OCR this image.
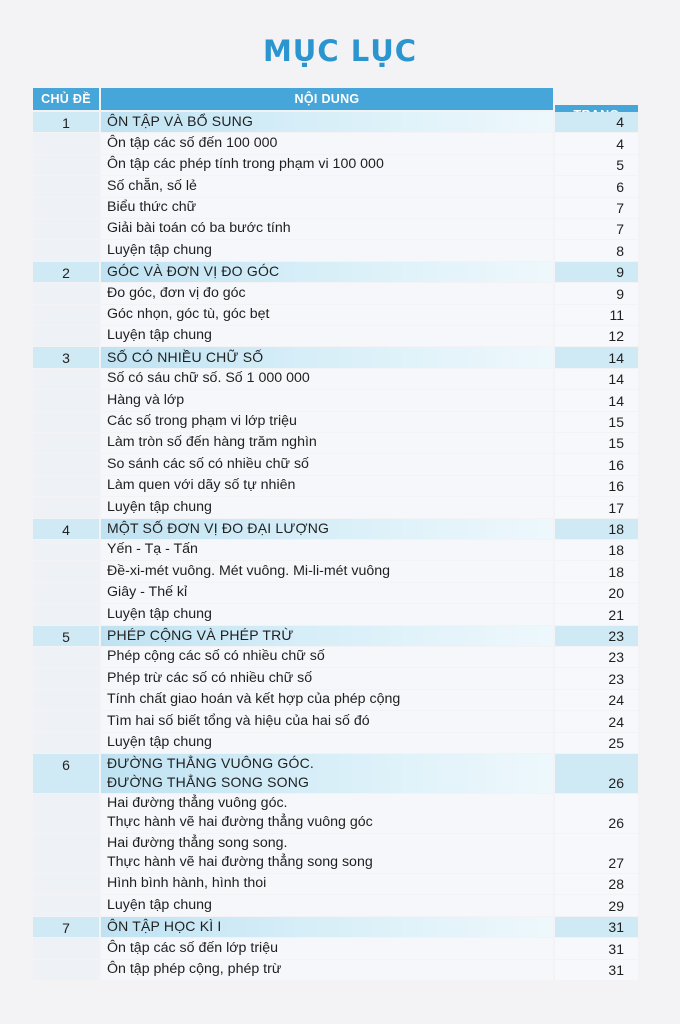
MỤC LỤC
CHỦ ĐỀ	NỘI DUNG
1	ÔN TẬP VÀ BỔ SUNG	4
Ôn tập các số đến 100 000	4
Ôn tập các phép tính trong phạm vi 100 000	5
Số chẵn, số lẻ	6
Biểu thức chữ	7
Giải bài toán có ba bước tính	7
Luyện tập chung	8
2	GÓC VÀ ĐƠN VỊ ĐO GÓC	9
Đo góc, đơn vị đo góc	9
Góc nhọn, góc tù, góc bẹt	11
Luyện tập chung	12
3	SỐ CÓ NHIỀU CHỮ SỐ	14
Số có sáu chữ số. Số 1 000 000	14
Hàng và lớp	14
Các số trong phạm vi lớp triệu	15
Làm tròn số đến hàng trăm nghìn	15
So sánh các số có nhiều chữ số	16
Làm quen với dãy số tự nhiên	16
Luyện tập chung	17
4	MỘT SỐ ĐƠN VỊ ĐO ĐẠI LƯỢNG	18
Yến - Tạ - Tấn	18
Đề-xi-mét vuông. Mét vuông. Mi-li-mét vuông	18
Giây - Thế kỉ	20
Luyện tập chung	21
5	PHÉP CỘNG VÀ PHÉP TRỪ	23
Phép cộng các số có nhiều chữ số	23
Phép trừ các số có nhiều chữ số	23
Tính chất giao hoán và kết hợp của phép cộng	24
Tìm hai số biết tổng và hiệu của hai số đó	24
Luyện tập chung	25
6	ĐƯỜNG THẲNG VUÔNG GÓC.
ĐƯỜNG THẲNG SONG SONG	26
Hai đường thẳng vuông góc.
Thực hành vẽ hai đường thẳng vuông góc	26
Hai đường thẳng song song.
Thực hành vẽ hai đường thẳng song song	27
Hình bình hành, hình thoi	28
Luyện tập chung	29
7	ÔN TẬP HỌC KÌ I	31
Ôn tập các số đến lớp triệu	31
Ôn tập phép cộng, phép trừ	31
